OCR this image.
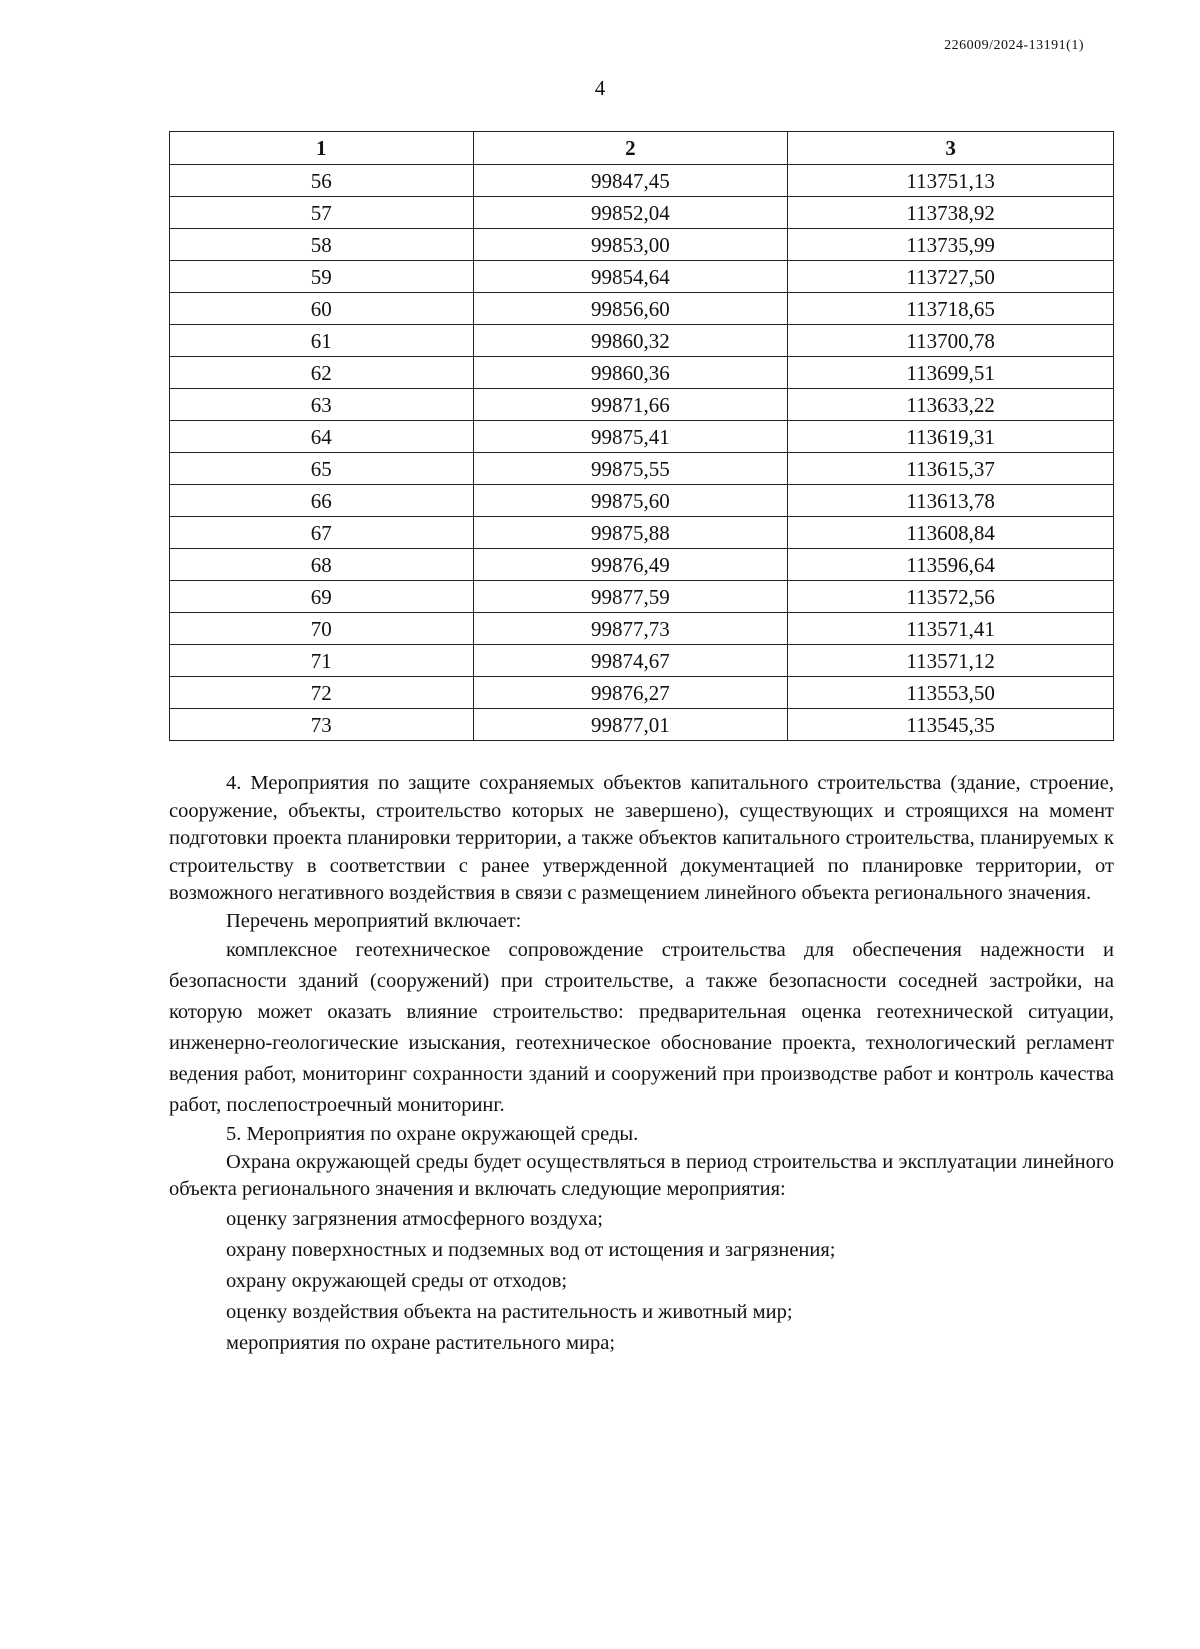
226009/2024-13191(1)
4
1	2	3
56	99847,45	113751,13
57	99852,04	113738,92
58	99853,00	113735,99
59	99854,64	113727,50
60	99856,60	113718,65
61	99860,32	113700,78
62	99860,36	113699,51
63	99871,66	113633,22
64	99875,41	113619,31
65	99875,55	113615,37
66	99875,60	113613,78
67	99875,88	113608,84
68	99876,49	113596,64
69	99877,59	113572,56
70	99877,73	113571,41
71	99874,67	113571,12
72	99876,27	113553,50
73	99877,01	113545,35

4. Мероприятия по защите сохраняемых объектов капитального строительства (здание, строение, сооружение, объекты, строительство которых не завершено), существующих и строящихся на момент подготовки проекта планировки территории, а также объектов капитального строительства, планируемых к строительству в соответствии с ранее утвержденной документацией по планировке территории, от возможного негативного воздействия в связи с размещением линейного объекта регионального значения.

Перечень мероприятий включает:

комплексное геотехническое сопровождение строительства для обеспечения надежности и безопасности зданий (сооружений) при строительстве, а также безопасности соседней застройки, на которую может оказать влияние строительство: предварительная оценка геотехнической ситуации, инженерно-геологические изыскания, геотехническое обоснование проекта, технологический регламент ведения работ, мониторинг сохранности зданий и сооружений при производстве работ и контроль качества работ, послепостроечный мониторинг.

5. Мероприятия по охране окружающей среды.

Охрана окружающей среды будет осуществляться в период строительства и эксплуатации линейного объекта регионального значения и включать следующие мероприятия:

оценку загрязнения атмосферного воздуха;

охрану поверхностных и подземных вод от истощения и загрязнения;

охрану окружающей среды от отходов;

оценку воздействия объекта на растительность и животный мир;

мероприятия по охране растительного мира;
